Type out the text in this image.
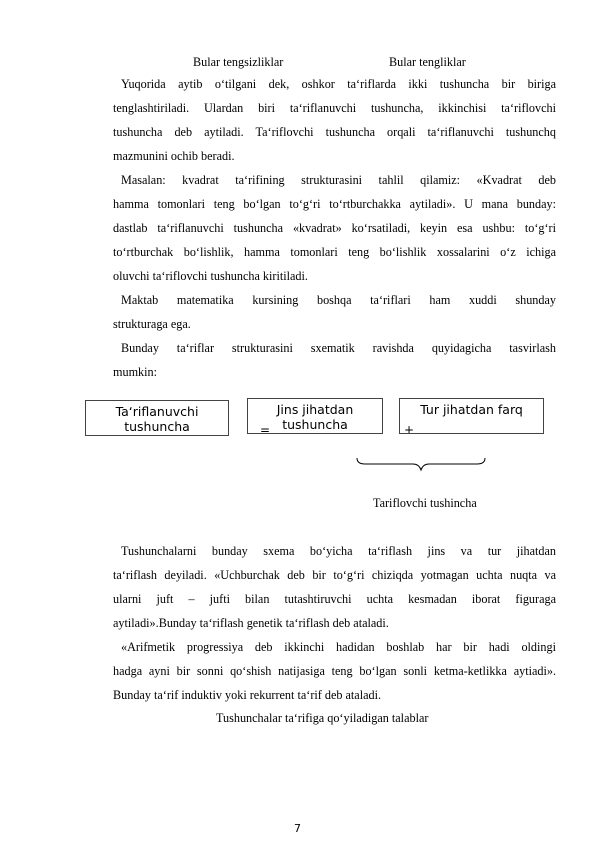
Bular tengsizliklar	Bular tengliklar
Yuqorida aytib o‘tilgani dek, oshkor ta‘riflarda ikki tushuncha bir biriga
tenglashtiriladi. Ulardan biri ta‘riflanuvchi tushuncha, ikkinchisi ta‘riflovchi
tushuncha deb aytiladi. Ta‘riflovchi tushuncha orqali ta‘riflanuvchi tushunchq
mazmunini ochib beradi.
Masalan: kvadrat ta‘rifining strukturasini tahlil qilamiz: «Kvadrat deb
hamma tomonlari teng bo‘lgan to‘g‘ri to‘rtburchakka aytiladi». U mana bunday:
dastlab ta‘riflanuvchi tushuncha «kvadrat» ko‘rsatiladi, keyin esa ushbu: to‘g‘ri
to‘rtburchak bo‘lishlik, hamma tomonlari teng bo‘lishlik xossalarini o‘z ichiga
oluvchi ta‘riflovchi tushuncha kiritiladi.
Maktab matematika kursining boshqa ta‘riflari ham xuddi shunday
strukturaga ega.
Bunday ta‘riflar strukturasini sxematik ravishda quyidagicha tasvirlash
mumkin:
Ta‘riflanuvchi
tushuncha
Jins jihatdan
tushuncha
=
Tur jihatdan farq
+
Tariflovchi tushincha
Tushunchalarni bunday sxema bo‘yicha ta‘riflash jins va tur jihatdan
ta‘riflash deyiladi. «Uchburchak deb bir to‘g‘ri chiziqda yotmagan uchta nuqta va
ularni juft – jufti bilan tutashtiruvchi uchta kesmadan iborat figuraga
aytiladi».Bunday ta‘riflash genetik ta‘riflash deb ataladi.
«Arifmetik progressiya deb ikkinchi hadidan boshlab har bir hadi oldingi
hadga ayni bir sonni qo‘shish natijasiga teng bo‘lgan sonli ketma-ketlikka aytiadi».
Bunday ta‘rif induktiv yoki rekurrent ta‘rif deb ataladi.
Tushunchalar ta‘rifiga qo‘yiladigan talablar
7
